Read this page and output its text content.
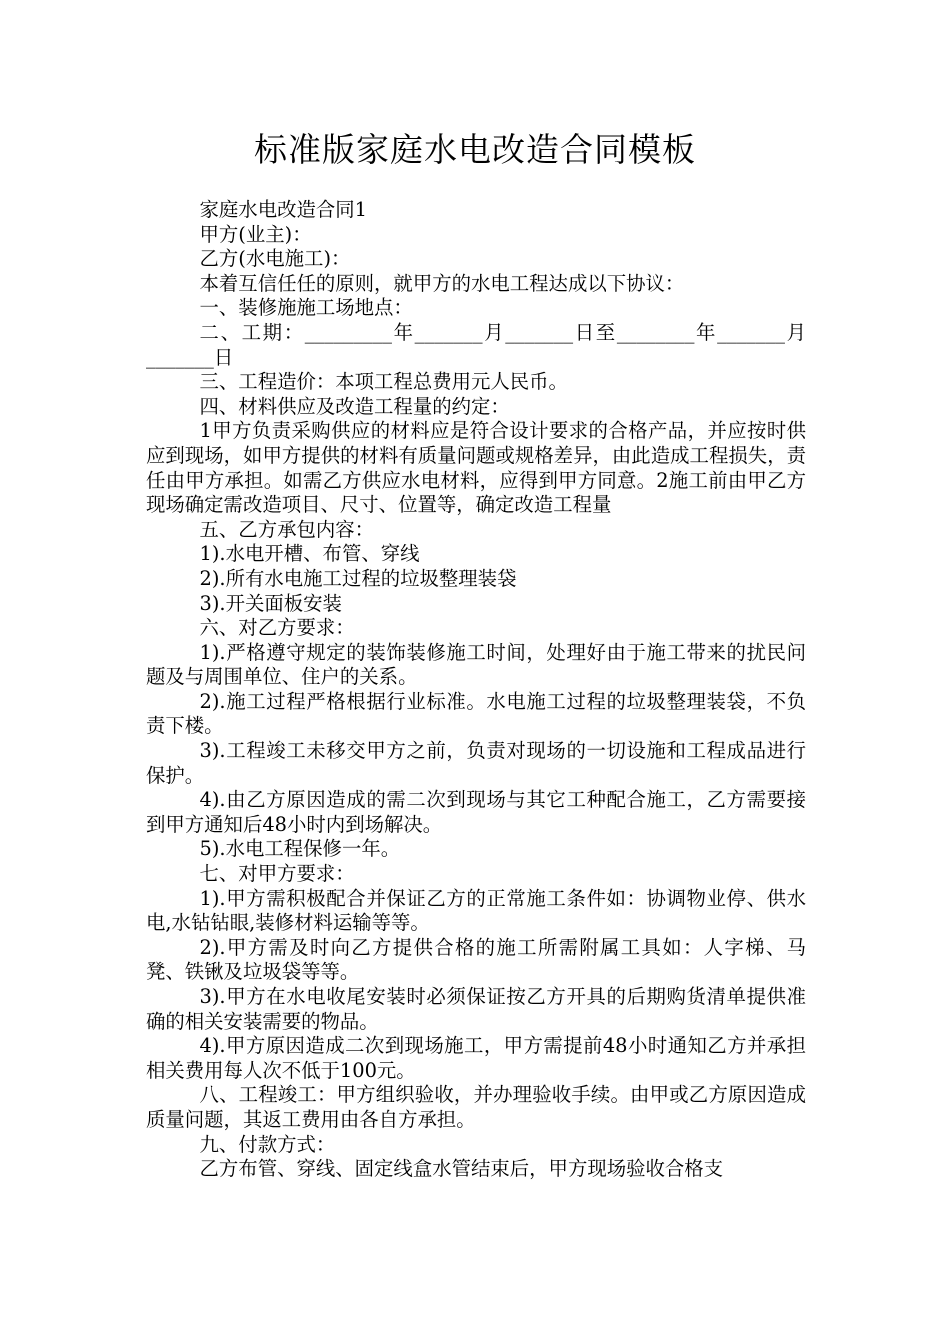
标准版家庭水电改造合同模板

家庭水电改造合同1

甲方(业主)：

乙方(水电施工)：

本着互信任任的原则，就甲方的水电工程达成以下协议：

一、装修施施工场地点：

二、工期：_________年_______月_______日至________年_______月_______日

三、工程造价：本项工程总费用元人民币。

四、材料供应及改造工程量的约定：

1甲方负责采购供应的材料应是符合设计要求的合格产品，并应按时供应到现场，如甲方提供的材料有质量问题或规格差异，由此造成工程损失，责任由甲方承担。如需乙方供应水电材料，应得到甲方同意。2施工前由甲乙方现场确定需改造项目、尺寸、位置等，确定改造工程量

五、乙方承包内容：

1).水电开槽、布管、穿线

2).所有水电施工过程的垃圾整理装袋

3).开关面板安装

六、对乙方要求：

1).严格遵守规定的装饰装修施工时间，处理好由于施工带来的扰民问题及与周围单位、住户的关系。

2).施工过程严格根据行业标准。水电施工过程的垃圾整理装袋，不负责下楼。

3).工程竣工未移交甲方之前，负责对现场的一切设施和工程成品进行保护。

4).由乙方原因造成的需二次到现场与其它工种配合施工，乙方需要接到甲方通知后48小时内到场解决。

5).水电工程保修一年。

七、对甲方要求：

1).甲方需积极配合并保证乙方的正常施工条件如：协调物业停、供水电,水钻钻眼,装修材料运输等等。

2).甲方需及时向乙方提供合格的施工所需附属工具如：人字梯、马凳、铁锹及垃圾袋等等。

3).甲方在水电收尾安装时必须保证按乙方开具的后期购货清单提供准确的相关安装需要的物品。

4).甲方原因造成二次到现场施工，甲方需提前48小时通知乙方并承担相关费用每人次不低于100元。

八、工程竣工：甲方组织验收，并办理验收手续。由甲或乙方原因造成质量问题，其返工费用由各自方承担。

九、付款方式：

乙方布管、穿线、固定线盒水管结束后，甲方现场验收合格支
